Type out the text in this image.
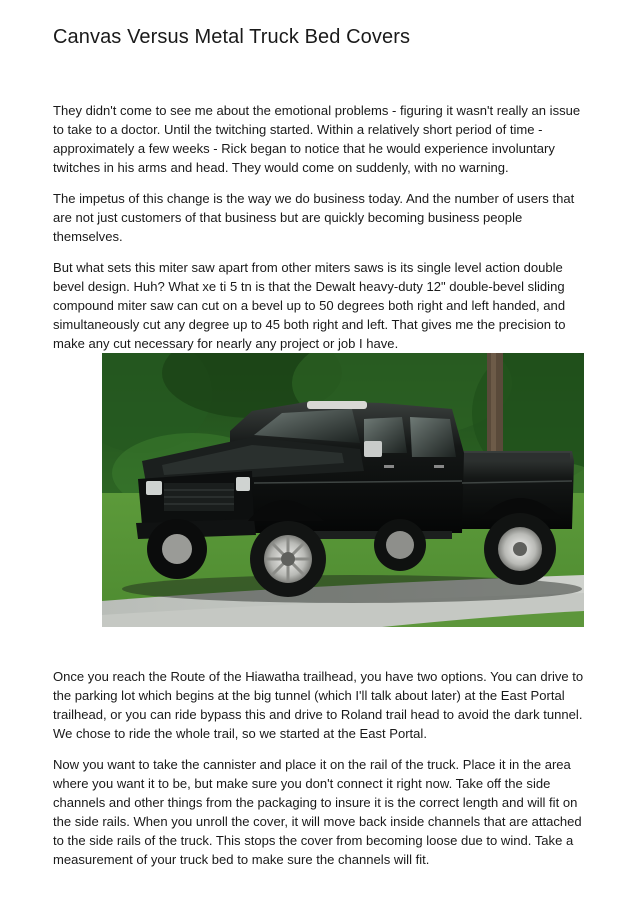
Canvas Versus Metal Truck Bed Covers

They didn't come to see me about the emotional problems - figuring it wasn't really an issue to take to a doctor. Until the twitching started. Within a relatively short period of time - approximately a few weeks - Rick began to notice that he would experience involuntary twitches in his arms and head. They would come on suddenly, with no warning.

The impetus of this change is the way we do business today. And the number of users that are not just customers of that business but are quickly becoming business people themselves.

But what sets this miter saw apart from other miters saws is its single level action double bevel design. Huh? What xe ti 5 tn is that the Dewalt heavy-duty 12" double-bevel sliding compound miter saw can cut on a bevel up to 50 degrees both right and left handed, and simultaneously cut any degree up to 45 both right and left. That gives me the precision to make any cut necessary for nearly any project or job I have.

Once you reach the Route of the Hiawatha trailhead, you have two options. You can drive to the parking lot which begins at the big tunnel (which I'll talk about later) at the East Portal trailhead, or you can ride bypass this and drive to Roland trail head to avoid the dark tunnel. We chose to ride the whole trail, so we started at the East Portal.

Now you want to take the cannister and place it on the rail of the truck. Place it in the area where you want it to be, but make sure you don't connect it right now. Take off the side channels and other things from the packaging to insure it is the correct length and will fit on the side rails. When you unroll the cover, it will move back inside channels that are attached to the side rails of the truck. This stops the cover from becoming loose due to wind. Take a measurement of your truck bed to make sure the channels will fit.
